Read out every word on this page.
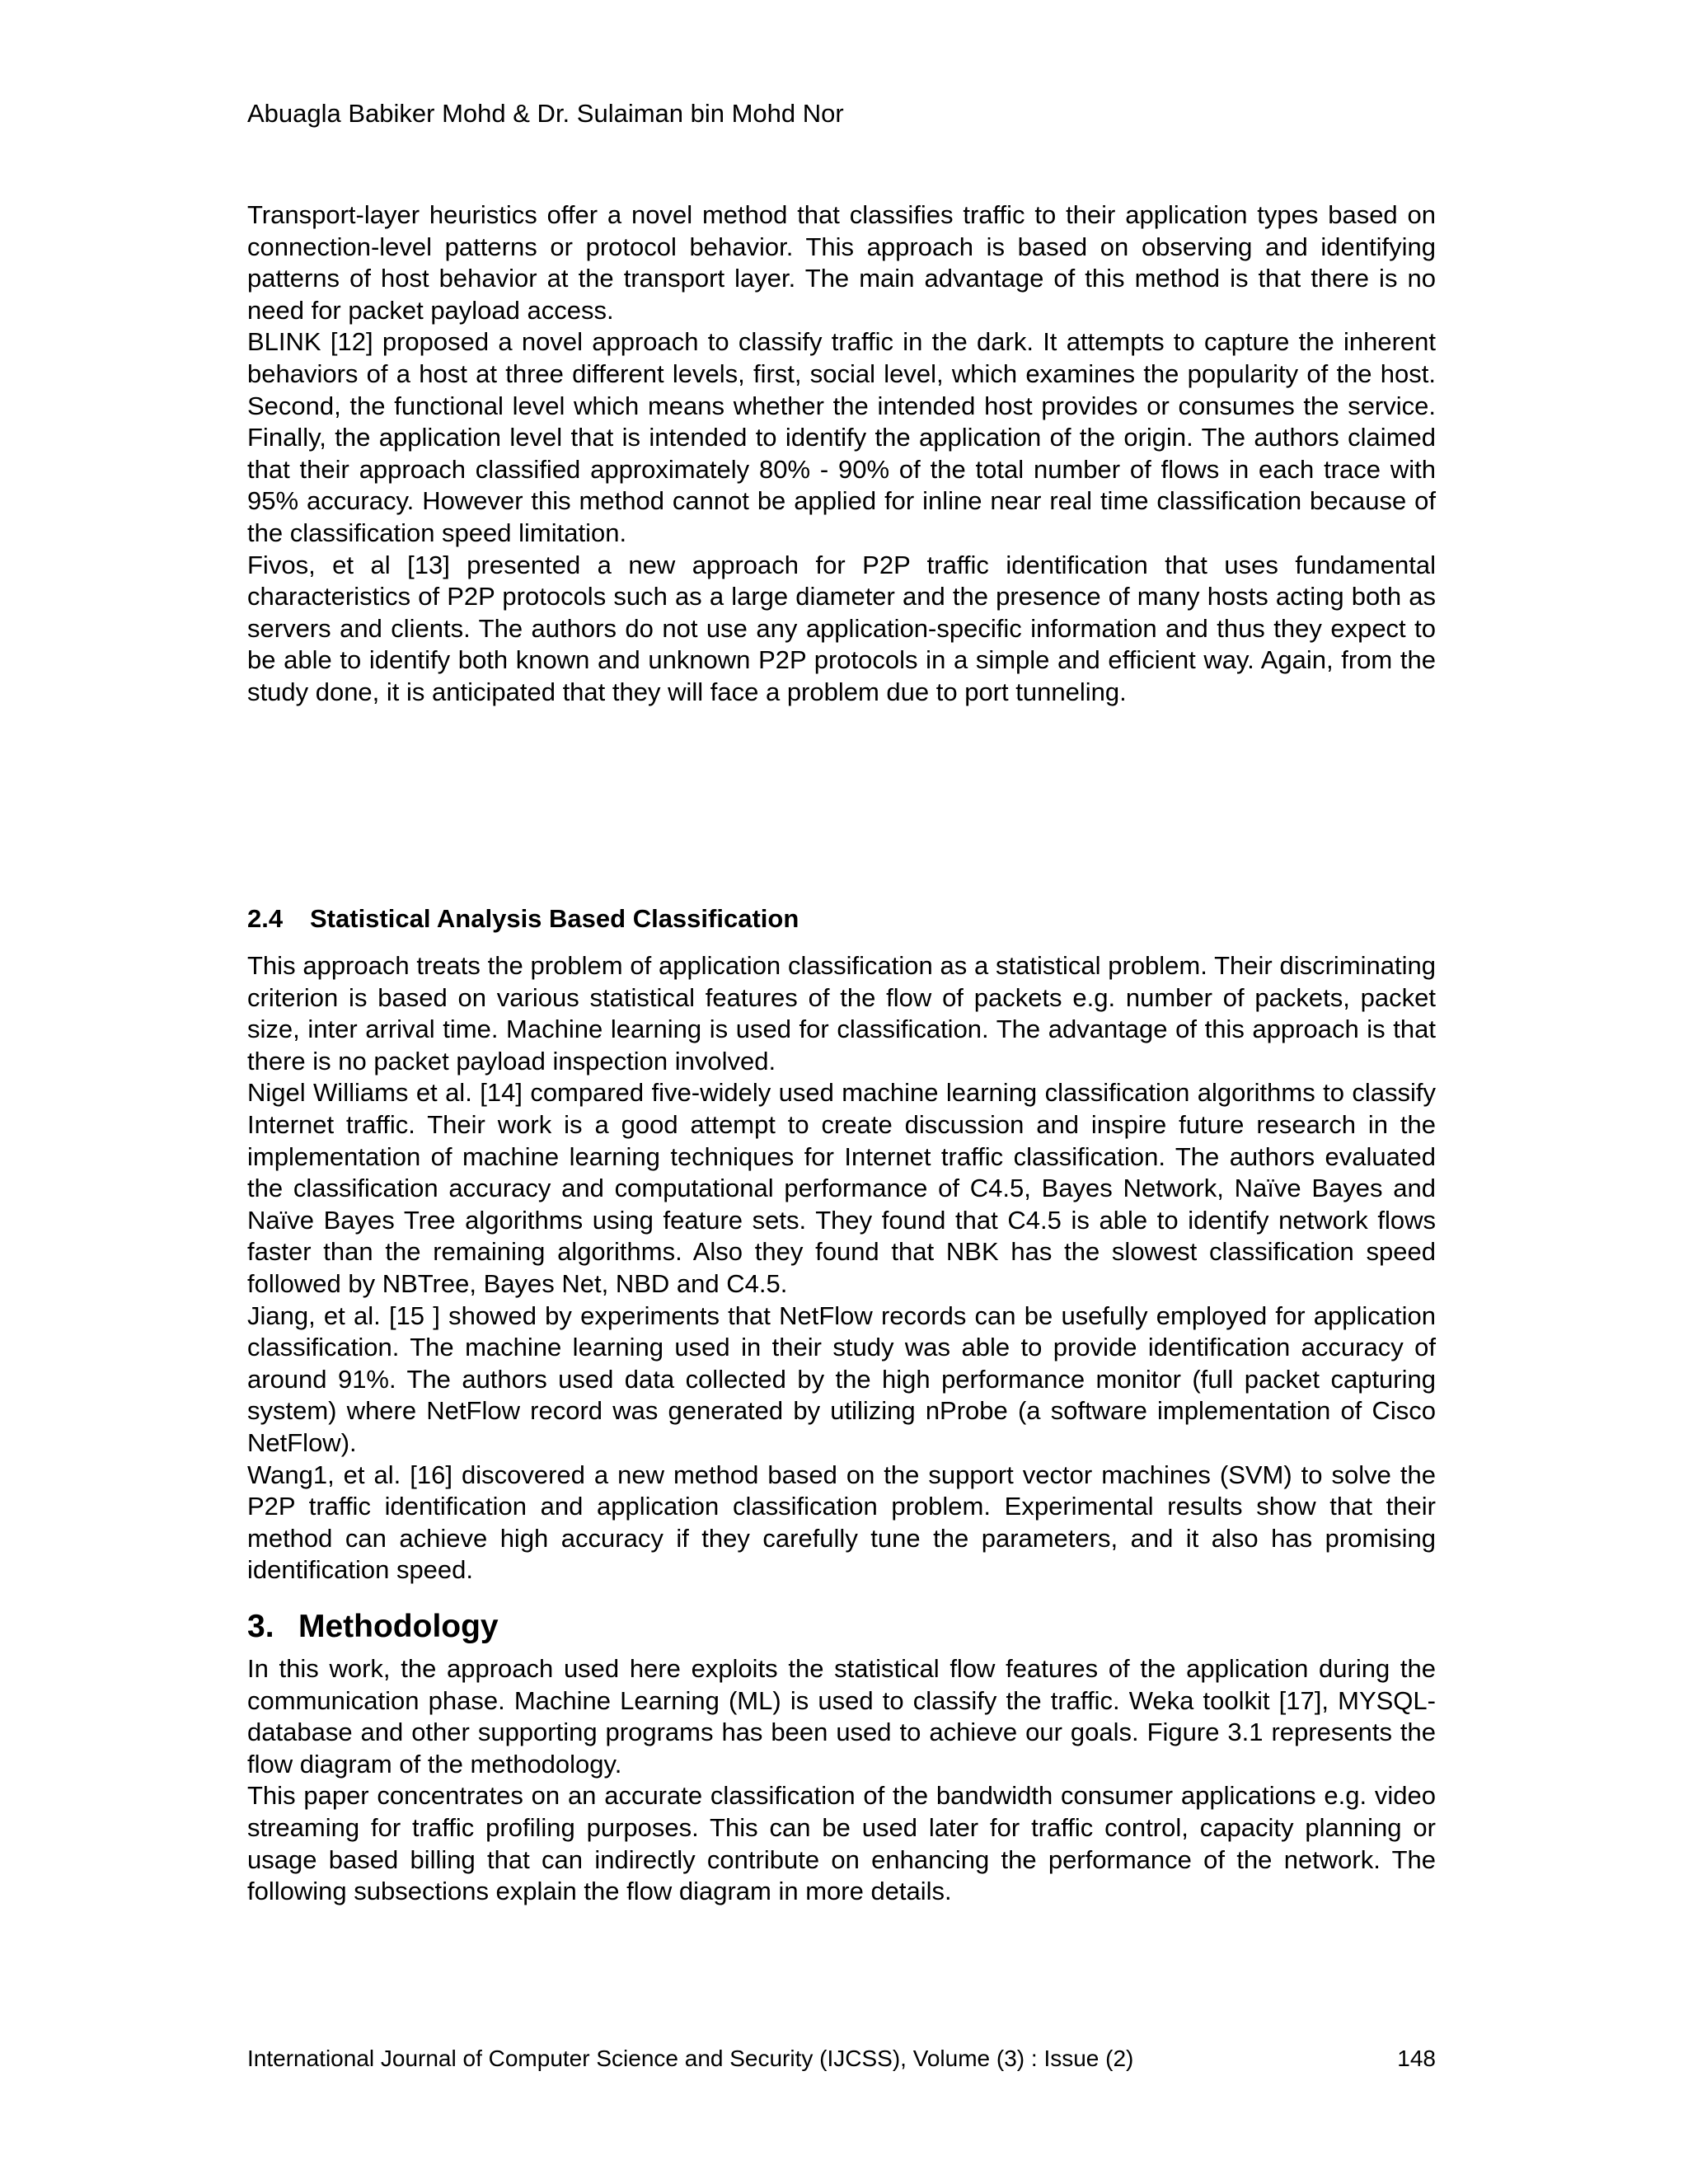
Abuagla Babiker Mohd & Dr. Sulaiman bin Mohd Nor

Transport-layer heuristics offer a novel method that classifies traffic to their application types based on connection-level patterns or protocol behavior. This approach is based on observing and identifying patterns of host behavior at the transport layer. The main advantage of this method is that there is no need for packet payload access.

BLINK [12] proposed a novel approach to classify traffic in the dark. It attempts to capture the inherent behaviors of a host at three different levels, first, social level, which examines the popularity of the host. Second, the functional level which means whether the intended host provides or consumes the service. Finally, the application level that is intended to identify the application of the origin. The authors claimed that their approach classified approximately 80% - 90% of the total number of flows in each trace with 95% accuracy. However this method cannot be applied for inline near real time classification because of the classification speed limitation.

Fivos, et al [13] presented a new approach for P2P traffic identification that uses fundamental characteristics of P2P protocols such as a large diameter and the presence of many hosts acting both as servers and clients. The authors do not use any application-specific information and thus they expect to be able to identify both known and unknown P2P protocols in a simple and efficient way. Again, from the study done, it is anticipated that they will face a problem due to port tunneling.

2.4 Statistical Analysis Based Classification

This approach treats the problem of application classification as a statistical problem. Their discriminating criterion is based on various statistical features of the flow of packets e.g. number of packets, packet size, inter arrival time. Machine learning is used for classification. The advantage of this approach is that there is no packet payload inspection involved.

Nigel Williams et al. [14] compared five-widely used machine learning classification algorithms to classify Internet traffic. Their work is a good attempt to create discussion and inspire future research in the implementation of machine learning techniques for Internet traffic classification. The authors evaluated the classification accuracy and computational performance of C4.5, Bayes Network, Naïve Bayes and Naïve Bayes Tree algorithms using feature sets. They found that C4.5 is able to identify network flows faster than the remaining algorithms. Also they found that NBK has the slowest classification speed followed by NBTree, Bayes Net, NBD and C4.5.

Jiang, et al. [15 ] showed by experiments that NetFlow records can be usefully employed for application classification. The machine learning used in their study was able to provide identification accuracy of around 91%. The authors used data collected by the high performance monitor (full packet capturing system) where NetFlow record was generated by utilizing nProbe (a software implementation of Cisco NetFlow).

Wang1, et al. [16] discovered a new method based on the support vector machines (SVM) to solve the P2P traffic identification and application classification problem. Experimental results show that their method can achieve high accuracy if they carefully tune the parameters, and it also has promising identification speed.

3. Methodology

In this work, the approach used here exploits the statistical flow features of the application during the communication phase. Machine Learning (ML) is used to classify the traffic. Weka toolkit [17], MYSQL-database and other supporting programs has been used to achieve our goals. Figure 3.1 represents the flow diagram of the methodology.

This paper concentrates on an accurate classification of the bandwidth consumer applications e.g. video streaming for traffic profiling purposes. This can be used later for traffic control, capacity planning or usage based billing that can indirectly contribute on enhancing the performance of the network. The following subsections explain the flow diagram in more details.

International Journal of Computer Science and Security (IJCSS), Volume (3) : Issue (2)	148
